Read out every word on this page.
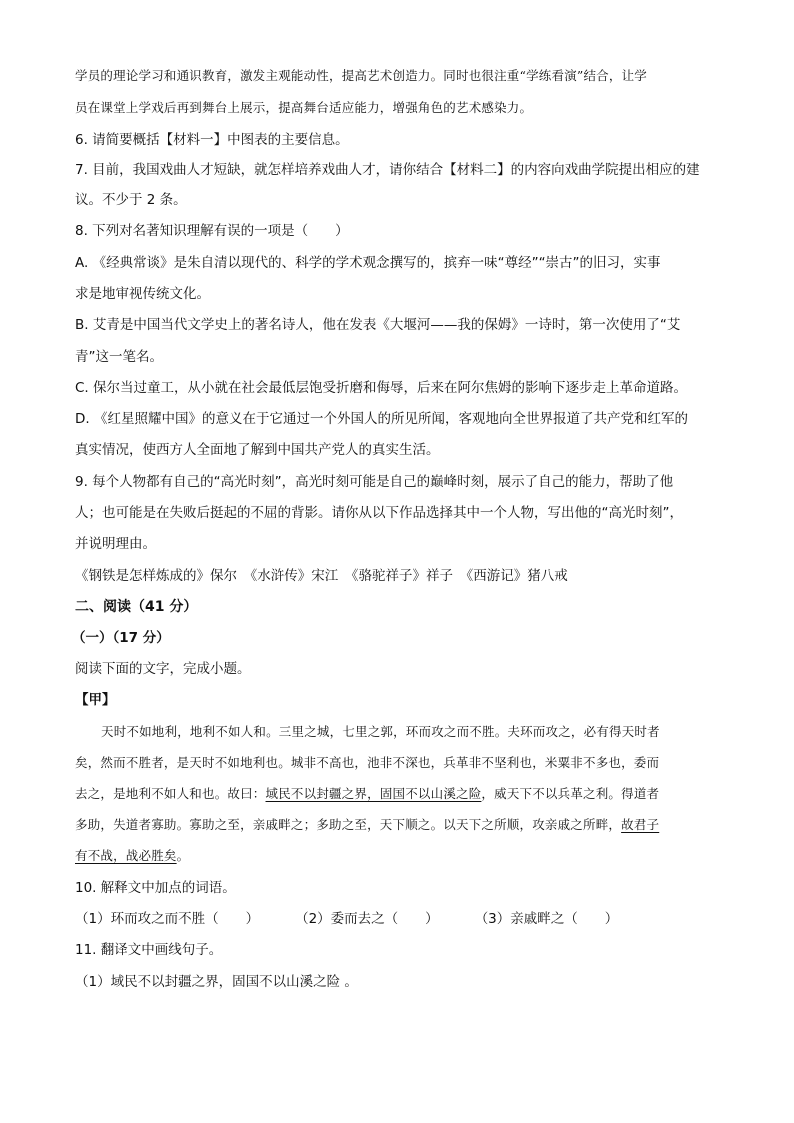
学员的理论学习和通识教育，激发主观能动性，提高艺术创造力。同时也很注重“学练看演”结合，让学
员在课堂上学戏后再到舞台上展示，提高舞台适应能力，增强角色的艺术感染力。
6. 请简要概括【材料一】中图表的主要信息。
7. 目前，我国戏曲人才短缺，就怎样培养戏曲人才，请你结合【材料二】的内容向戏曲学院提出相应的建
议。不少于 2 条。
8. 下列对名著知识理解有误的一项是（　　）
A. 《经典常谈》是朱自清以现代的、科学的学术观念撰写的，摈弃一味“尊经”“崇古”的旧习，实事
求是地审视传统文化。
B. 艾青是中国当代文学史上的著名诗人，他在发表《大堰河——我的保姆》一诗时，第一次使用了“艾
青”这一笔名。
C. 保尔当过童工，从小就在社会最低层饱受折磨和侮辱，后来在阿尔焦姆的影响下逐步走上革命道路。
D. 《红星照耀中国》的意义在于它通过一个外国人的所见所闻，客观地向全世界报道了共产党和红军的
真实情况，使西方人全面地了解到中国共产党人的真实生活。
9. 每个人物都有自己的“高光时刻”，高光时刻可能是自己的巅峰时刻，展示了自己的能力，帮助了他
人；也可能是在失败后挺起的不屈的背影。请你从以下作品选择其中一个人物，写出他的“高光时刻”，
并说明理由。
《钢铁是怎样炼成的》保尔　《水浒传》宋江　《骆驼祥子》祥子　《西游记》猪八戒
二、阅读（41 分）
（一）（17 分）
阅读下面的文字，完成小题。
【甲】
天时不如地利，地利不如人和。三里之城，七里之郭，环而攻之而不胜。夫环而攻之，必有得天时者
矣，然而不胜者，是天时不如地利也。城非不高也，池非不深也，兵革非不坚利也，米粟非不多也，委而
去之，是地利不如人和也。故曰：域民不以封疆之界，固国不以山溪之险，威天下不以兵革之利。得道者
多助，失道者寡助。寡助之至，亲戚畔之；多助之至，天下顺之。以天下之所顺，攻亲戚之所畔，故君子
有不战，战必胜矣。
10. 解释文中加点的词语。
（1）环而攻之而不胜（　　）	（2）委而去之（　　）	（3）亲戚畔之（　　）
11. 翻译文中画线句子。
（1）域民不以封疆之界，固国不以山溪之险 。
